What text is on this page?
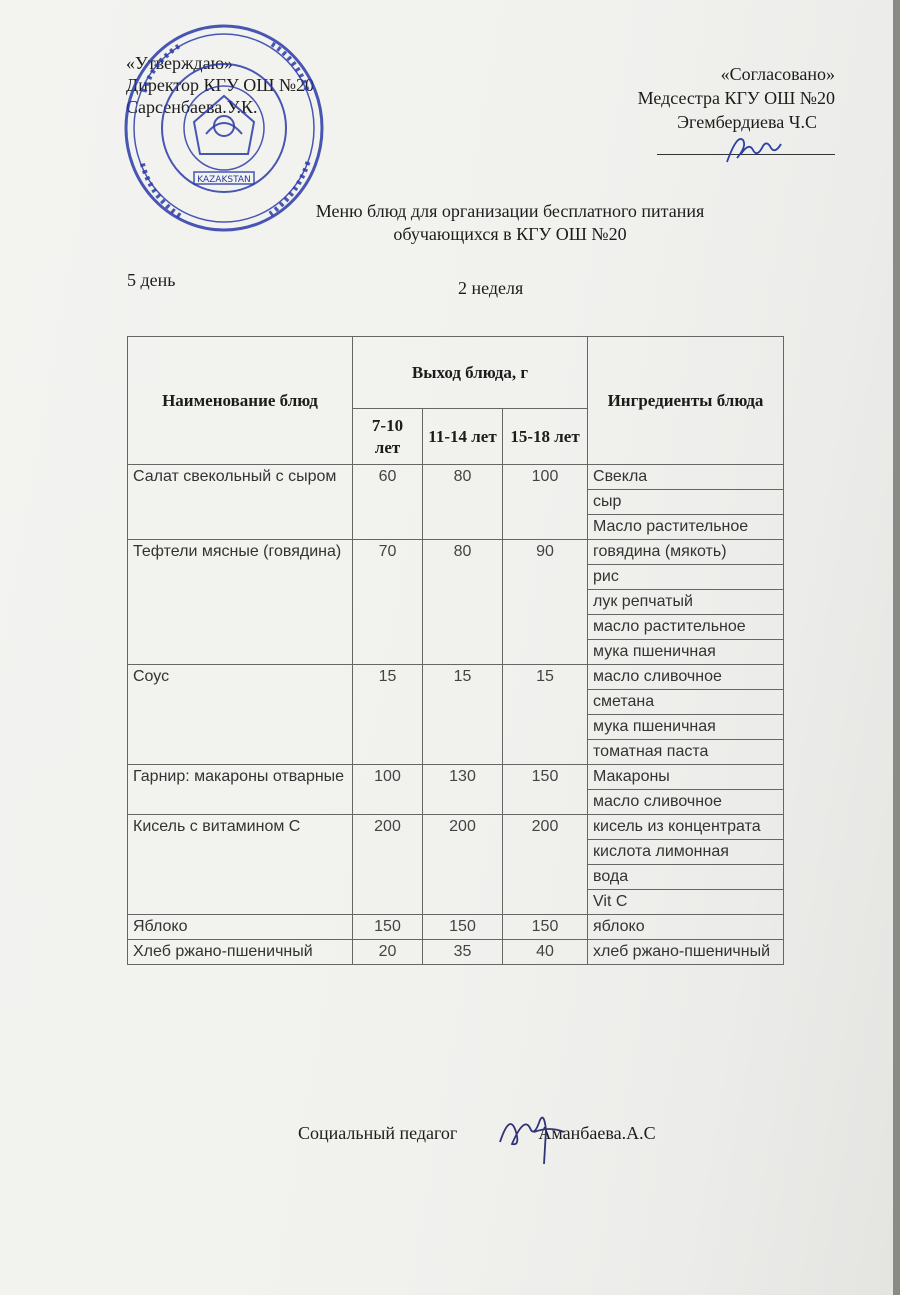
«Утверждаю»
Директор КГУ ОШ №20
Сарсенбаева.У.К.
KAZAKSTAN
«Согласовано»
Медсестра КГУ ОШ №20
Эгембердиева Ч.С
Меню блюд для организации бесплатного питания
обучающихся в КГУ ОШ №20
5 день	2 неделя
Наименование блюд	Выход блюда, г			Ингредиенты блюда
	7-10 лет	11-14 лет	15-18 лет	
Салат свекольный с сыром	60	80	100	Свекла
				сыр
				Масло растительное
Тефтели мясные (говядина)	70	80	90	говядина (мякоть)
				рис
				лук репчатый
				масло растительное
				мука пшеничная
Соус	15	15	15	масло сливочное
				сметана
				мука пшеничная
				томатная паста
Гарнир: макароны отварные	100	130	150	Макароны
				масло сливочное
Кисель с витамином С	200	200	200	кисель из концентрата
				кислота лимонная
				вода
				Vit C
Яблоко	150	150	150	яблоко
Хлеб ржано-пшеничный	20	35	40	хлеб ржано-пшеничный
Социальный педагог	Аманбаева.А.С
